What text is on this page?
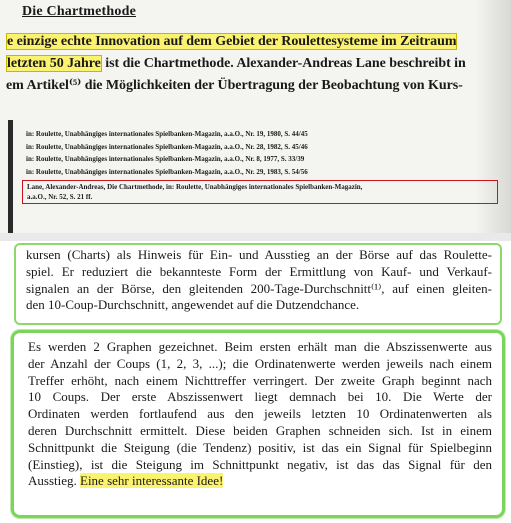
Die Chartmethode
e einzige echte Innovation auf dem Gebiet der Roulettesysteme im Zeitraum
letzten 50 Jahre ist die Chartmethode. Alexander-Andreas Lane beschreibt in
em Artikel⁽⁵⁾ die Möglichkeiten der Übertragung der Beobachtung von Kurs-
in: Roulette, Unabhängiges internationales Spielbanken-Magazin, a.a.O., Nr. 19, 1980, S. 44/45
in: Roulette, Unabhängiges internationales Spielbanken-Magazin, a.a.O., Nr. 28, 1982, S. 45/46
in: Roulette, Unabhängiges internationales Spielbanken-Magazin, a.a.O., Nr. 8, 1977, S. 33/39
in: Roulette, Unabhängiges internationales Spielbanken-Magazin, a.a.O., Nr. 29, 1983, S. 54/56
Lane, Alexander-Andreas, Die Chartmethode, in: Roulette, Unabhängiges internationales Spielbanken-Magazin,
a.a.O., Nr. 52, S. 21 ff.
kursen (Charts) als Hinweis für Ein- und Ausstieg an der Börse auf das Roulette-
spiel. Er reduziert die bekannteste Form der Ermittlung von Kauf- und Verkauf-
signalen an der Börse, den gleitenden 200-Tage-Durchschnitt⁽¹⁾, auf einen gleiten-
den 10-Coup-Durchschnitt, angewendet auf die Dutzendchance.
Es werden 2 Graphen gezeichnet. Beim ersten erhält man die Abszissenwerte aus
der Anzahl der Coups (1, 2, 3, ...); die Ordinatenwerte werden jeweils nach einem
Treffer erhöht, nach einem Nichttreffer verringert. Der zweite Graph beginnt nach
10 Coups. Der erste Abszissenwert liegt demnach bei 10. Die Werte der
Ordinaten werden fortlaufend aus den jeweils letzten 10 Ordinatenwerten als
deren Durchschnitt ermittelt. Diese beiden Graphen schneiden sich. Ist in einem
Schnittpunkt die Steigung (die Tendenz) positiv, ist das ein Signal für Spielbeginn
(Einstieg), ist die Steigung im Schnittpunkt negativ, ist das das Signal für den
Ausstieg. Eine sehr interessante Idee!
